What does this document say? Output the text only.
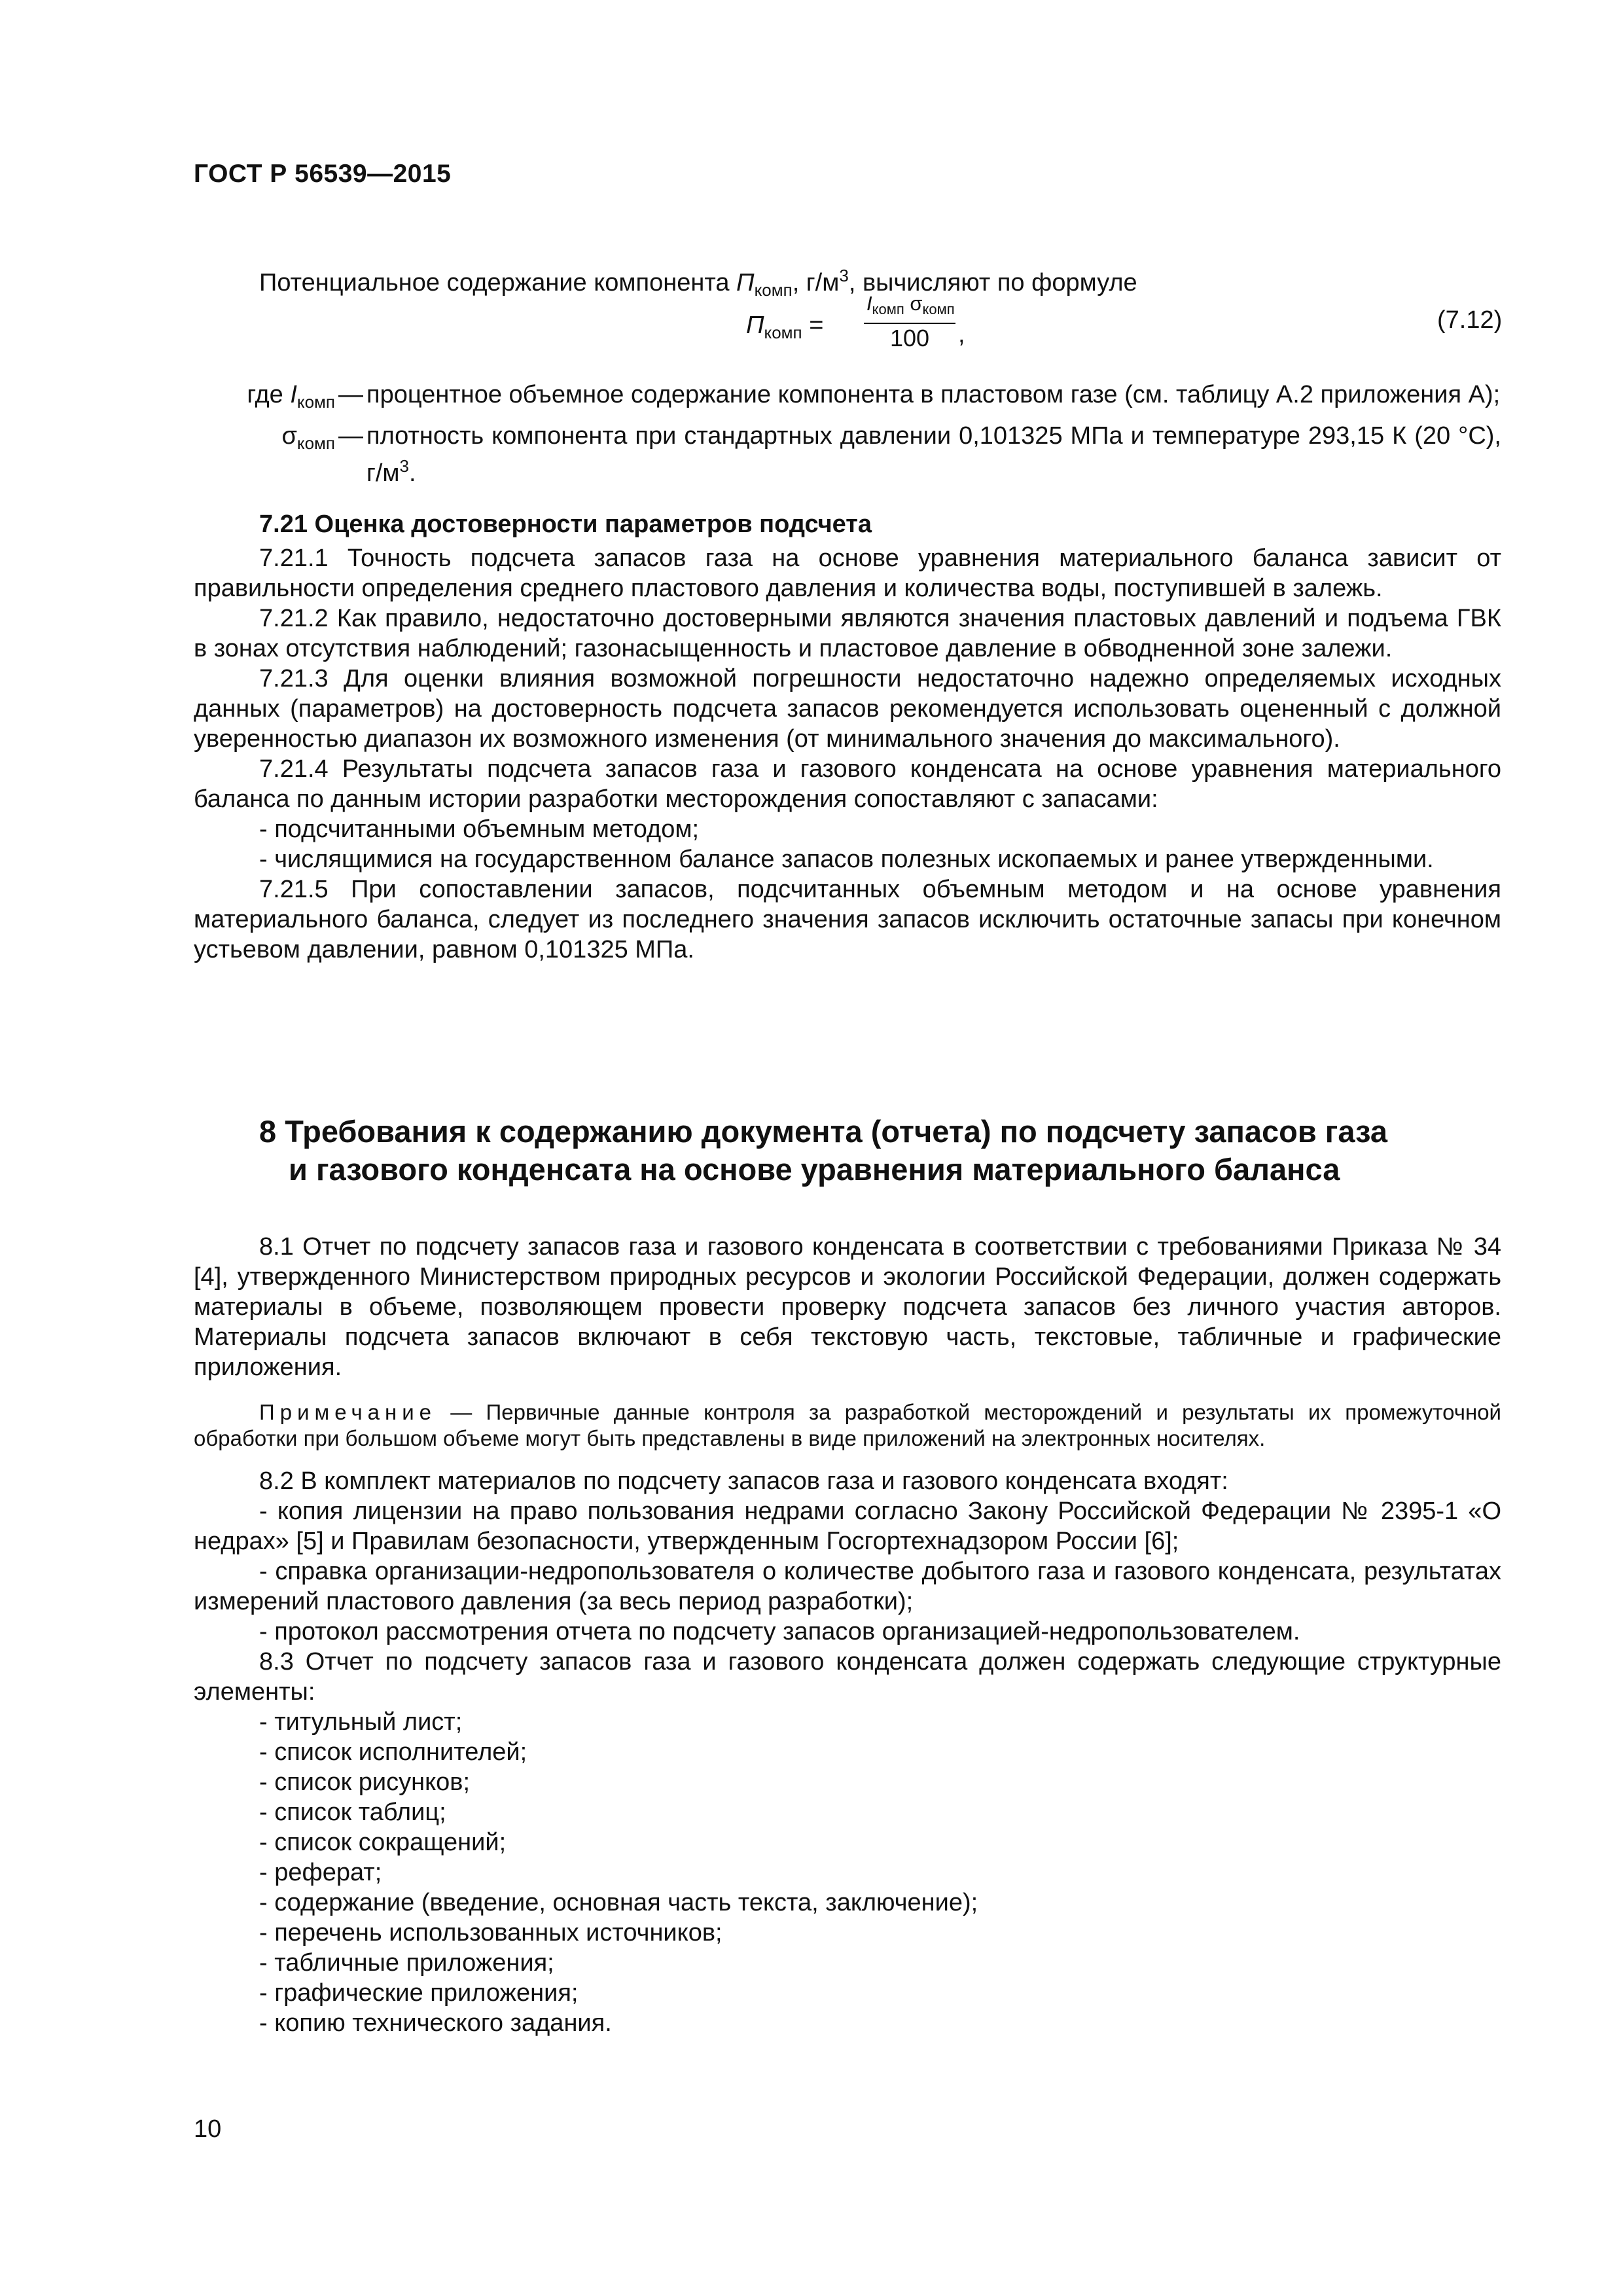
ГОСТ Р 56539—2015

Потенциальное содержание компонента $П_{комп}$, $г/м^3$, вычисляют по формуле

$П_{комп}$ =
Iкомп σкомп
100	,
(7.12)
где $I_{комп}$ — процентное объемное содержание компонента в пластовом газе (см. таблицу А.2 приложения А);
$\sigma_{комп}$ — плотность компонента при стандартных давлении 0,101325 МПа и температуре 293,15 К (20 °С), $г/м^3$.
7.21 Оценка достоверности параметров подсчета

7.21.1 Точность подсчета запасов газа на основе уравнения материального баланса зависит от правильности определения среднего пластового давления и количества воды, поступившей в залежь.

7.21.2 Как правило, недостаточно достоверными являются значения пластовых давлений и подъема ГВК в зонах отсутствия наблюдений; газонасыщенность и пластовое давление в обводненной зоне залежи.

7.21.3 Для оценки влияния возможной погрешности недостаточно надежно определяемых исходных данных (параметров) на достоверность подсчета запасов рекомендуется использовать оцененный с должной уверенностью диапазон их возможного изменения (от минимального значения до максимального).

7.21.4 Результаты подсчета запасов газа и газового конденсата на основе уравнения материального баланса по данным истории разработки месторождения сопоставляют с запасами:

- подсчитанными объемным методом;

- числящимися на государственном балансе запасов полезных ископаемых и ранее утвержденными.

7.21.5 При сопоставлении запасов, подсчитанных объемным методом и на основе уравнения материального баланса, следует из последнего значения запасов исключить остаточные запасы при конечном устьевом давлении, равном 0,101325 МПа.

8 Требования к содержанию документа (отчета) по подсчету запасов газа
и газового конденсата на основе уравнения материального баланса

8.1 Отчет по подсчету запасов газа и газового конденсата в соответствии с требованиями Приказа № 34 [4], утвержденного Министерством природных ресурсов и экологии Российской Федерации, должен содержать материалы в объеме, позволяющем провести проверку подсчета запасов без личного участия авторов. Материалы подсчета запасов включают в себя текстовую часть, текстовые, табличные и графические приложения.

Примечание — Первичные данные контроля за разработкой месторождений и результаты их промежуточной обработки при большом объеме могут быть представлены в виде приложений на электронных носителях.

8.2 В комплект материалов по подсчету запасов газа и газового конденсата входят:

- копия лицензии на право пользования недрами согласно Закону Российской Федерации № 2395-1 «О недрах» [5] и Правилам безопасности, утвержденным Госгортехнадзором России [6];

- справка организации-недропользователя о количестве добытого газа и газового конденсата, результатах измерений пластового давления (за весь период разработки);

- протокол рассмотрения отчета по подсчету запасов организацией-недропользователем.

8.3 Отчет по подсчету запасов газа и газового конденсата должен содержать следующие структурные элементы:

- титульный лист;

- список исполнителей;

- список рисунков;

- список таблиц;

- список сокращений;

- реферат;

- содержание (введение, основная часть текста, заключение);

- перечень использованных источников;

- табличные приложения;

- графические приложения;

- копию технического задания.

10
